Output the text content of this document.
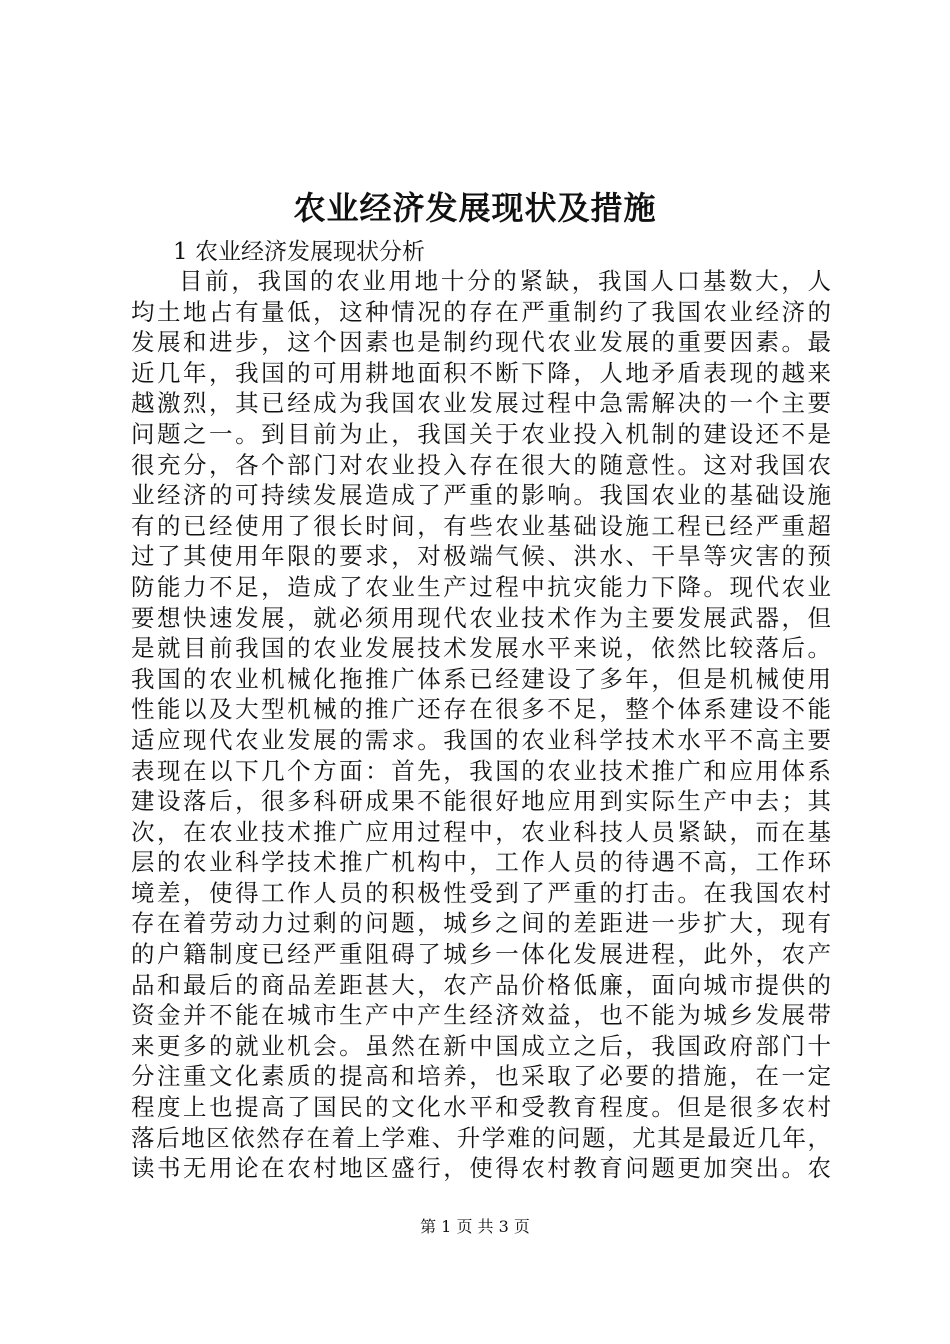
农业经济发展现状及措施
1 农业经济发展现状分析
目前，我国的农业用地十分的紧缺，我国人口基数大，人
均土地占有量低，这种情况的存在严重制约了我国农业经济的
发展和进步，这个因素也是制约现代农业发展的重要因素。最
近几年，我国的可用耕地面积不断下降，人地矛盾表现的越来
越激烈，其已经成为我国农业发展过程中急需解决的一个主要
问题之一。到目前为止，我国关于农业投入机制的建设还不是
很充分，各个部门对农业投入存在很大的随意性。这对我国农
业经济的可持续发展造成了严重的影响。我国农业的基础设施
有的已经使用了很长时间，有些农业基础设施工程已经严重超
过了其使用年限的要求，对极端气候、洪水、干旱等灾害的预
防能力不足，造成了农业生产过程中抗灾能力下降。现代农业
要想快速发展，就必须用现代农业技术作为主要发展武器，但
是就目前我国的农业发展技术发展水平来说，依然比较落后。
我国的农业机械化拖推广体系已经建设了多年，但是机械使用
性能以及大型机械的推广还存在很多不足，整个体系建设不能
适应现代农业发展的需求。我国的农业科学技术水平不高主要
表现在以下几个方面：首先，我国的农业技术推广和应用体系
建设落后，很多科研成果不能很好地应用到实际生产中去；其
次，在农业技术推广应用过程中，农业科技人员紧缺，而在基
层的农业科学技术推广机构中，工作人员的待遇不高，工作环
境差，使得工作人员的积极性受到了严重的打击。在我国农村
存在着劳动力过剩的问题，城乡之间的差距进一步扩大，现有
的户籍制度已经严重阻碍了城乡一体化发展进程，此外，农产
品和最后的商品差距甚大，农产品价格低廉，面向城市提供的
资金并不能在城市生产中产生经济效益，也不能为城乡发展带
来更多的就业机会。虽然在新中国成立之后，我国政府部门十
分注重文化素质的提高和培养，也采取了必要的措施，在一定
程度上也提高了国民的文化水平和受教育程度。但是很多农村
落后地区依然存在着上学难、升学难的问题，尤其是最近几年，
读书无用论在农村地区盛行，使得农村教育问题更加突出。农
第 1 页 共 3 页
